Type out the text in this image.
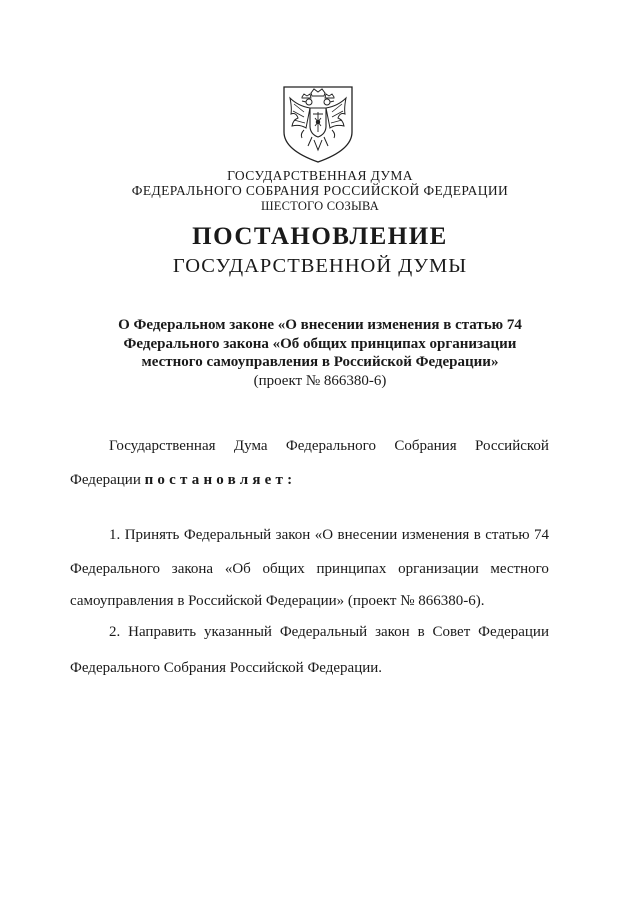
ГОСУДАРСТВЕННАЯ ДУМА
ФЕДЕРАЛЬНОГО СОБРАНИЯ РОССИЙСКОЙ ФЕДЕРАЦИИ
ШЕСТОГО СОЗЫВА
ПОСТАНОВЛЕНИЕ
ГОСУДАРСТВЕННОЙ ДУМЫ
О Федеральном законе «О внесении изменения в статью 74
Федерального закона «Об общих принципах организации
местного самоуправления в Российской Федерации»
(проект № 866380-6)
Государственная Дума Федерального Собрания Российской
Федерации постановляет:
1. Принять Федеральный закон «О внесении изменения в статью 74
Федерального закона «Об общих принципах организации местного
самоуправления в Российской Федерации» (проект № 866380-6).
2. Направить указанный Федеральный закон в Совет Федерации
Федерального Собрания Российской Федерации.
